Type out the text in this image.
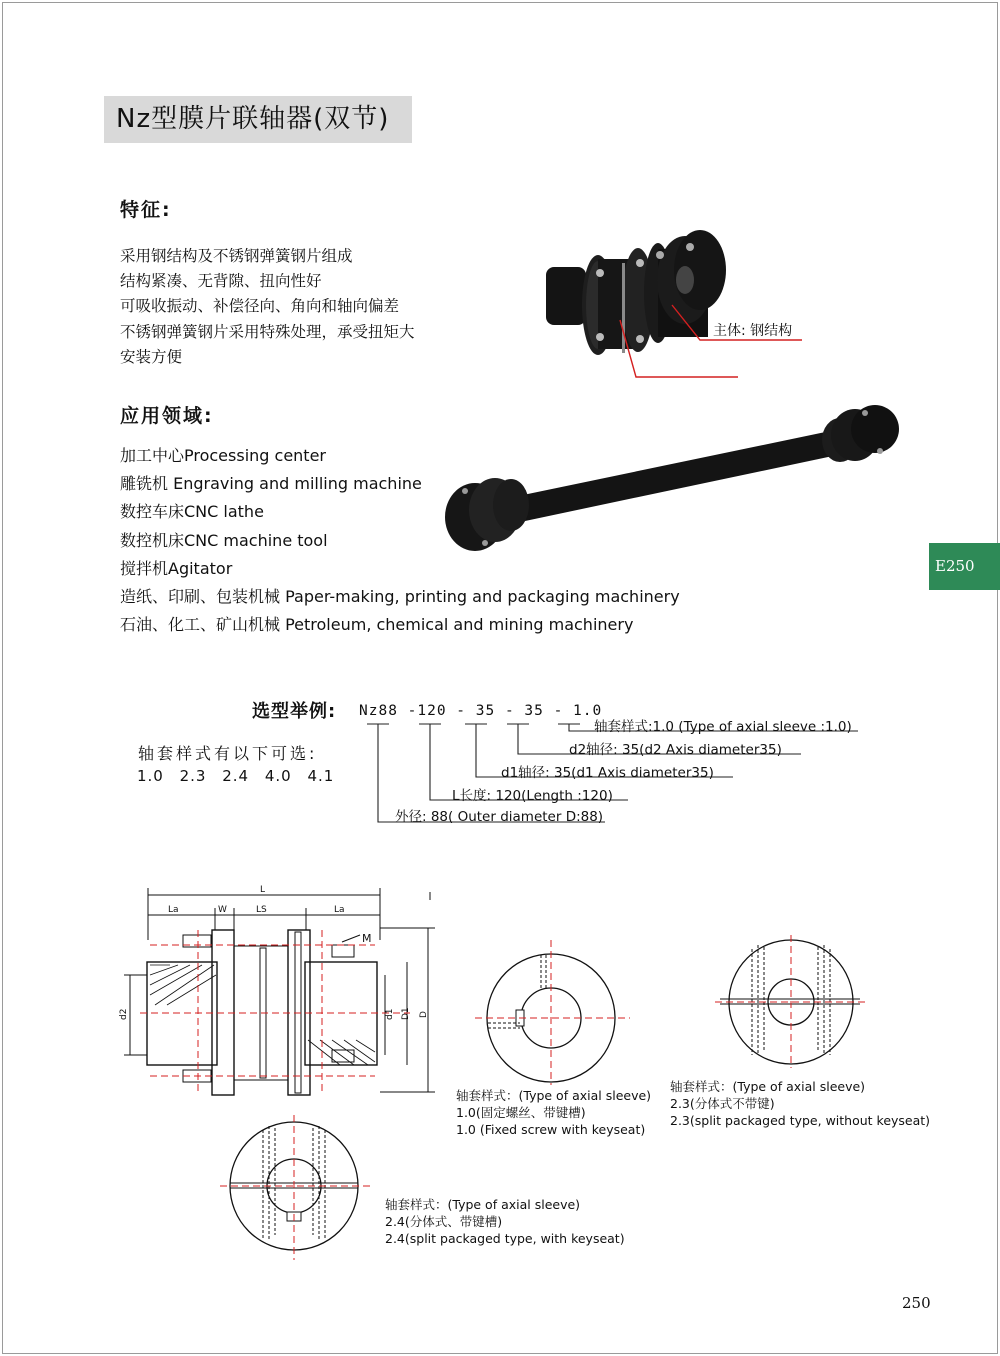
Nz型膜片联轴器(双节)
特征:
采用钢结构及不锈钢弹簧钢片组成
结构紧凑、无背隙、扭向性好
可吸收振动、补偿径向、角向和轴向偏差
不锈钢弹簧钢片采用特殊处理，承受扭矩大
安装方便
主体: 钢结构
应用领域:
加工中心Processing center
雕铣机 Engraving and milling machine
数控车床CNC lathe
数控机床CNC machine tool
搅拌机Agitator
造纸、印刷、包装机械 Paper-making, printing and packaging machinery
石油、化工、矿山机械 Petroleum, chemical and mining machinery
E250
选型举例: Nz88 -120 - 35 - 35 - 1.0
轴套样式有以下可选:
1.0 2.3 2.4 4.0 4.1
轴套样式:1.0 (Type of axial sleeve :1.0)
d2轴径: 35(d2 Axis diameter35)
d1轴径: 35(d1 Axis diameter35)
L长度: 120(Length :120)
外径: 88( Outer diameter D:88)
L
La	W	LS	La
M
d2	d1 D1 D
轴套样式：(Type of axial sleeve)
1.0(固定螺丝、带键槽)
1.0 (Fixed screw with keyseat)
轴套样式：(Type of axial sleeve)
2.3(分体式不带键)
2.3(split packaged type, without keyseat)
轴套样式：(Type of axial sleeve)
2.4(分体式、带键槽)
2.4(split packaged type, with keyseat)
250
